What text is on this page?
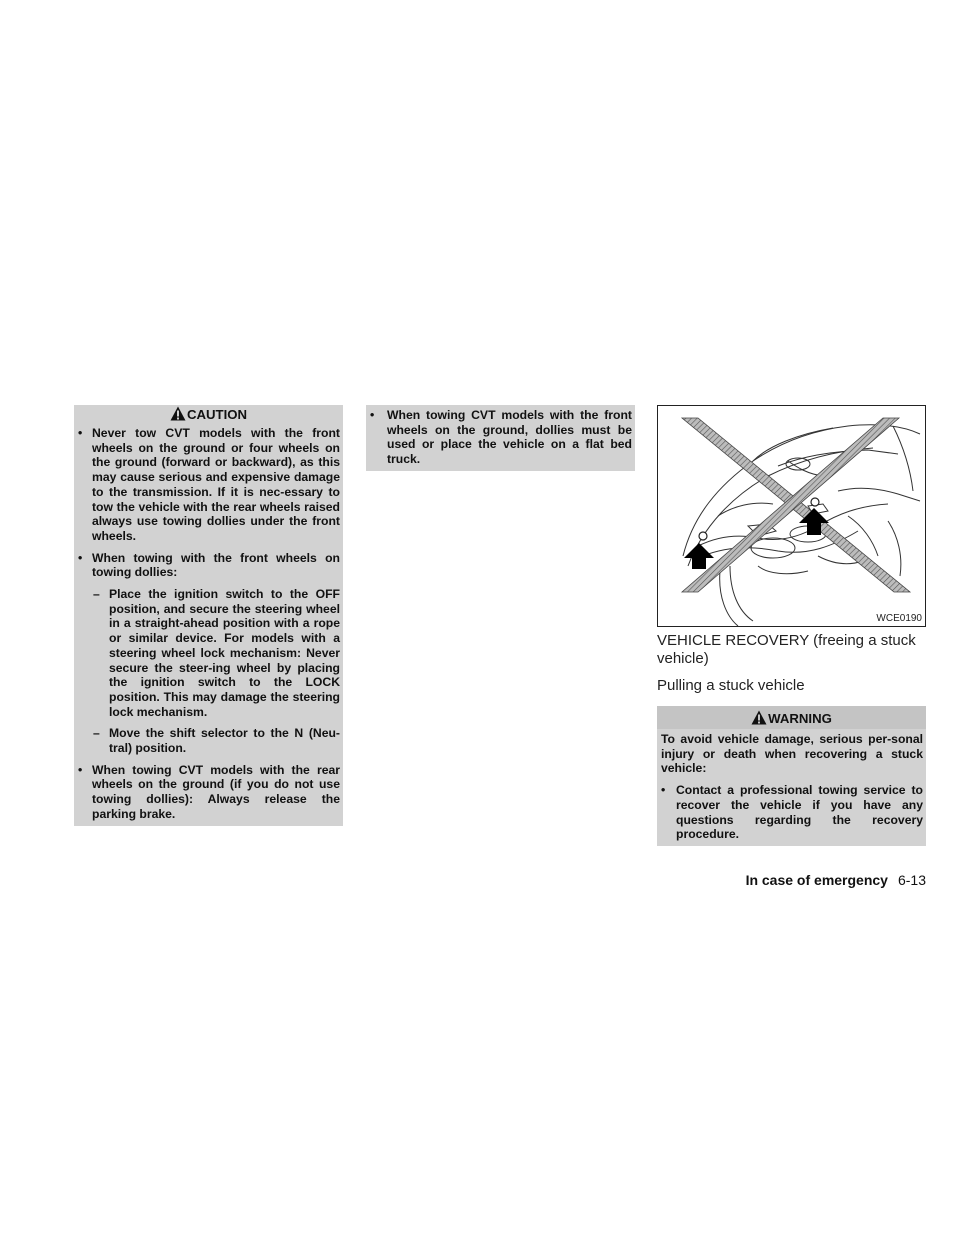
CAUTION
• Never tow CVT models with the front wheels on the ground or four wheels on the ground (forward or backward), as this may cause serious and expensive damage to the transmission. If it is nec-essary to tow the vehicle with the rear wheels raised always use towing dollies under the front wheels.
• When towing with the front wheels on towing dollies:
– Place the ignition switch to the OFF position, and secure the steering wheel in a straight-ahead position with a rope or similar device. For models with a steering wheel lock mechanism: Never secure the steer-ing wheel by placing the ignition switch to the LOCK position. This may damage the steering lock mechanism.
– Move the shift selector to the N (Neu-tral) position.
• When towing CVT models with the rear wheels on the ground (if you do not use towing dollies): Always release the parking brake.
• When towing CVT models with the front wheels on the ground, dollies must be used or place the vehicle on a flat bed truck.
WCE0190
VEHICLE RECOVERY (freeing a stuck vehicle)
Pulling a stuck vehicle
WARNING
To avoid vehicle damage, serious per-sonal injury or death when recovering a stuck vehicle:
• Contact a professional towing service to recover the vehicle if you have any questions regarding the recovery procedure.
In case of emergency 6-13
